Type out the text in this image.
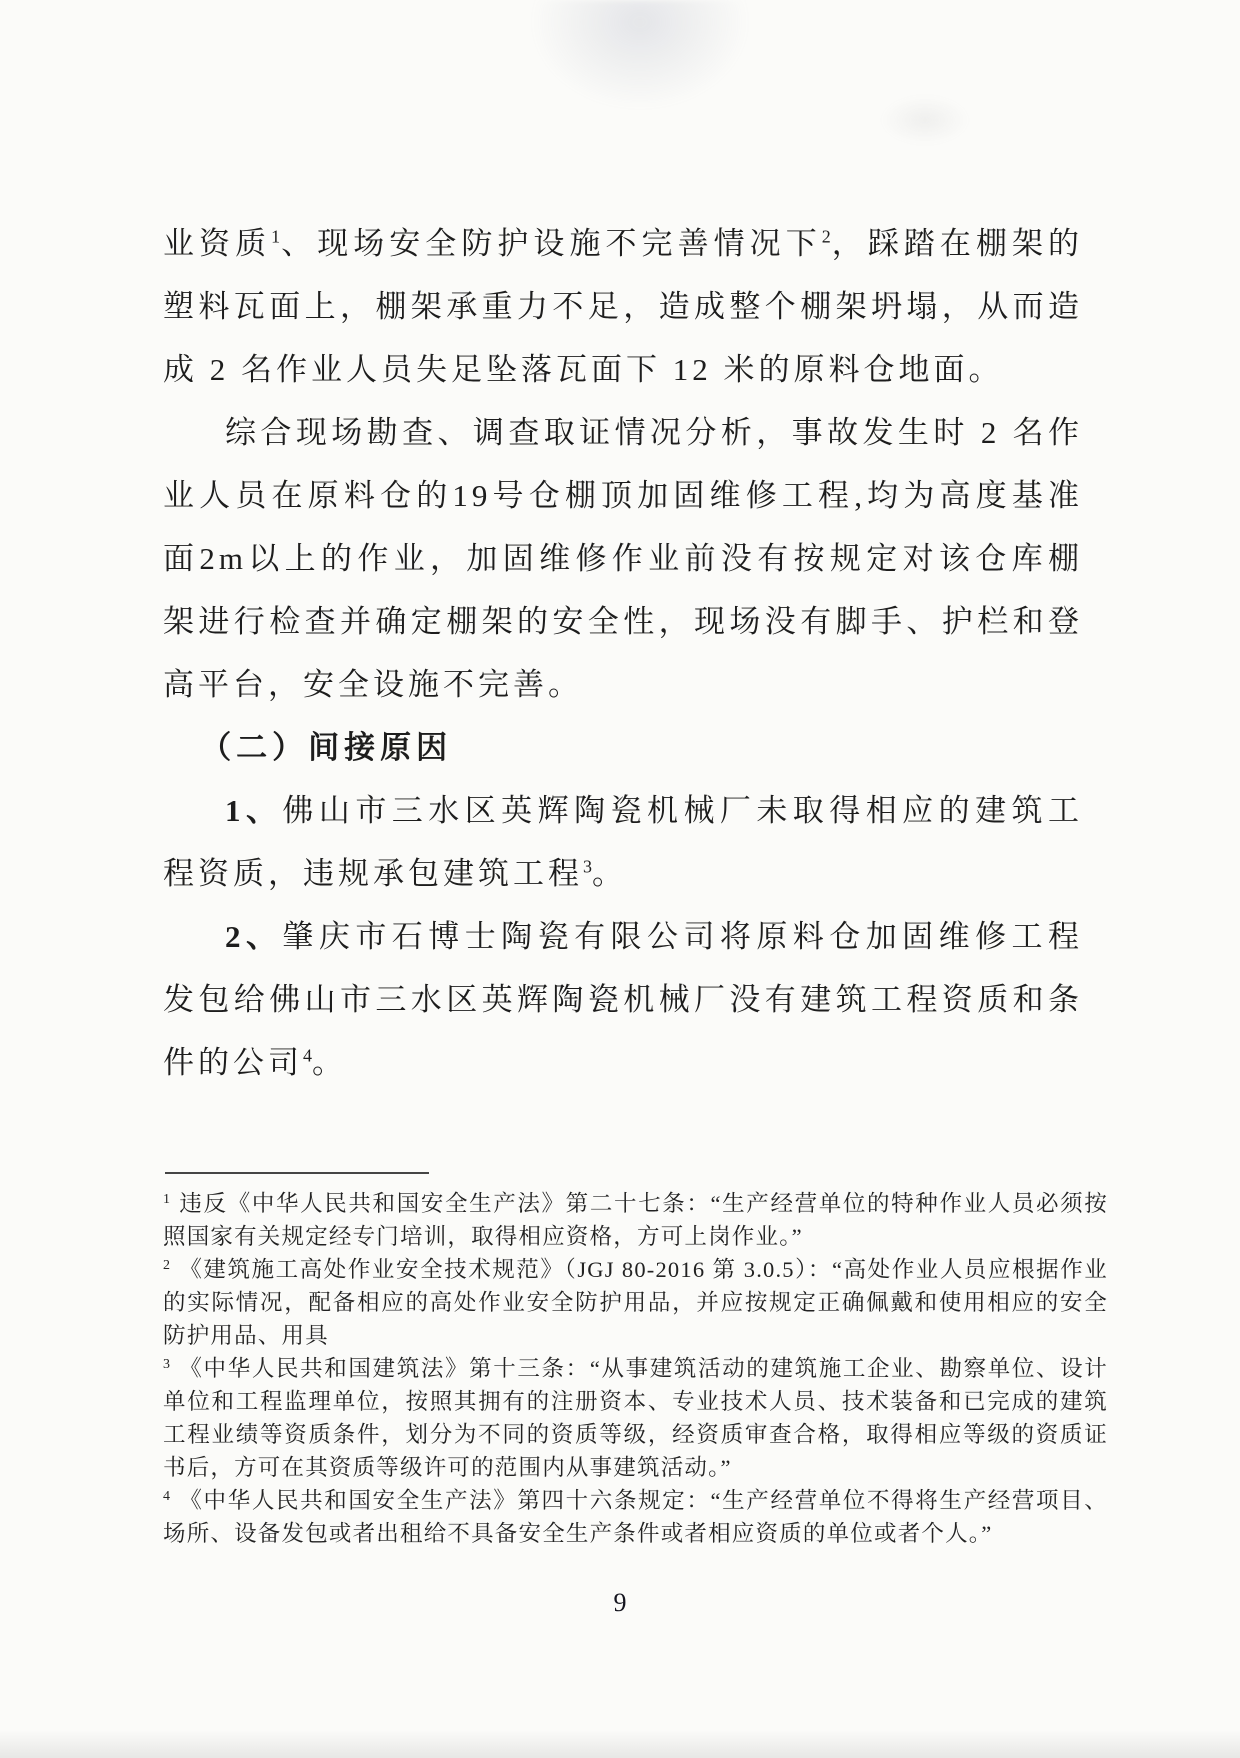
业资质$^1$、现场安全防护设施不完善情况下$^2$，踩踏在棚架的塑料瓦面上，棚架承重力不足，造成整个棚架坍塌，从而造成 2 名作业人员失足坠落瓦面下 12 米的原料仓地面。

综合现场勘查、调查取证情况分析，事故发生时 2 名作业人员在原料仓的19号仓棚顶加固维修工程,均为高度基准面2m以上的作业，加固维修作业前没有按规定对该仓库棚架进行检查并确定棚架的安全性，现场没有脚手、护栏和登高平台，安全设施不完善。

（二）间接原因

1、佛山市三水区英辉陶瓷机械厂未取得相应的建筑工程资质，违规承包建筑工程$^3$。

2、肇庆市石博士陶瓷有限公司将原料仓加固维修工程发包给佛山市三水区英辉陶瓷机械厂没有建筑工程资质和条件的公司$^4$。

$^1$ 违反《中华人民共和国安全生产法》第二十七条：“生产经营单位的特种作业人员必须按照国家有关规定经专门培训，取得相应资格，方可上岗作业。”

$^2$ 《建筑施工高处作业安全技术规范》（JGJ 80-2016 第 3.0.5）：“高处作业人员应根据作业的实际情况，配备相应的高处作业安全防护用品，并应按规定正确佩戴和使用相应的安全防护用品、用具

$^3$ 《中华人民共和国建筑法》第十三条：“从事建筑活动的建筑施工企业、勘察单位、设计单位和工程监理单位，按照其拥有的注册资本、专业技术人员、技术装备和已完成的建筑工程业绩等资质条件，划分为不同的资质等级，经资质审查合格，取得相应等级的资质证书后，方可在其资质等级许可的范围内从事建筑活动。”

$^4$ 《中华人民共和国安全生产法》第四十六条规定：“生产经营单位不得将生产经营项目、场所、设备发包或者出租给不具备安全生产条件或者相应资质的单位或者个人。”

9
